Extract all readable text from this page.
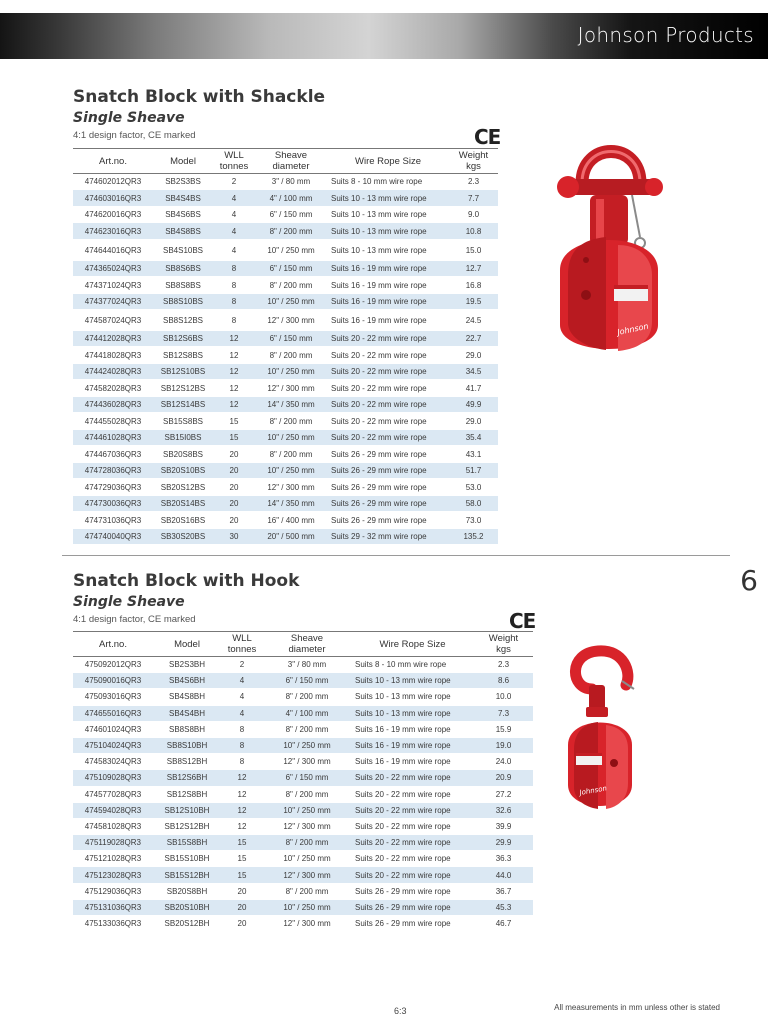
Johnson Products
Snatch Block with Shackle
Single Sheave
4:1 design factor, CE marked	CE
Art.no.	Model	WLL
tonnes	Sheave
diameter	Wire Rope Size	Weight
kgs
474602012QR3	SB2S3BS	2	3" / 80 mm	Suits 8 - 10 mm wire rope	2.3
474603016QR3	SB4S4BS	4	4" / 100 mm	Suits 10 - 13 mm wire rope	7.7
474620016QR3	SB4S6BS	4	6" / 150 mm	Suits 10 - 13 mm wire rope	9.0
474623016QR3	SB4S8BS	4	8" / 200 mm	Suits 10 - 13 mm wire rope	10.8
474644016QR3	SB4S10BS	4	10" / 250 mm	Suits 10 - 13 mm wire rope	15.0
474365024QR3	SB8S6BS	8	6" / 150 mm	Suits 16 - 19 mm wire rope	12.7
474371024QR3	SB8S8BS	8	8" / 200 mm	Suits 16 - 19 mm wire rope	16.8
474377024QR3	SB8S10BS	8	10" / 250 mm	Suits 16 - 19 mm wire rope	19.5
474587024QR3	SB8S12BS	8	12" / 300 mm	Suits 16 - 19 mm wire rope	24.5
474412028QR3	SB12S6BS	12	6" / 150 mm	Suits 20 - 22 mm wire rope	22.7
474418028QR3	SB12S8BS	12	8" / 200 mm	Suits 20 - 22 mm wire rope	29.0
474424028QR3	SB12S10BS	12	10" / 250 mm	Suits 20 - 22 mm wire rope	34.5
474582028QR3	SB12S12BS	12	12" / 300 mm	Suits 20 - 22 mm wire rope	41.7
474436028QR3	SB12S14BS	12	14" / 350 mm	Suits 20 - 22 mm wire rope	49.9
474455028QR3	SB15S8BS	15	8" / 200 mm	Suits 20 - 22 mm wire rope	29.0
474461028QR3	SB15I0BS	15	10" / 250 mm	Suits 20 - 22 mm wire rope	35.4
474467036QR3	SB20S8BS	20	8" / 200 mm	Suits 26 - 29 mm wire rope	43.1
474728036QR3	SB20S10BS	20	10" / 250 mm	Suits 26 - 29 mm wire rope	51.7
474729036QR3	SB20S12BS	20	12" / 300 mm	Suits 26 - 29 mm wire rope	53.0
474730036QR3	SB20S14BS	20	14" / 350 mm	Suits 26 - 29 mm wire rope	58.0
474731036QR3	SB20S16BS	20	16" / 400 mm	Suits 26 - 29 mm wire rope	73.0
474740040QR3	SB30S20BS	30	20" / 500 mm	Suits 29 - 32 mm wire rope	135.2
Johnson
6
Snatch Block with Hook
Single Sheave
4:1 design factor, CE marked	CE
Art.no.	Model	WLL
tonnes	Sheave
diameter	Wire Rope Size	Weight
kgs
475092012QR3	SB2S3BH	2	3" / 80 mm	Suits 8 - 10 mm wire rope	2.3
475090016QR3	SB4S6BH	4	6" / 150 mm	Suits 10 - 13 mm wire rope	8.6
475093016QR3	SB4S8BH	4	8" / 200 mm	Suits 10 - 13 mm wire rope	10.0
474655016QR3	SB4S4BH	4	4" / 100 mm	Suits 10 - 13 mm wire rope	7.3
474601024QR3	SB8S8BH	8	8" / 200 mm	Suits 16 - 19 mm wire rope	15.9
475104024QR3	SB8S10BH	8	10" / 250 mm	Suits 16 - 19 mm wire rope	19.0
474583024QR3	SB8S12BH	8	12" / 300 mm	Suits 16 - 19 mm wire rope	24.0
475109028QR3	SB12S6BH	12	6" / 150 mm	Suits 20 - 22 mm wire rope	20.9
474577028QR3	SB12S8BH	12	8" / 200 mm	Suits 20 - 22 mm wire rope	27.2
474594028QR3	SB12S10BH	12	10" / 250 mm	Suits 20 - 22 mm wire rope	32.6
474581028QR3	SB12S12BH	12	12" / 300 mm	Suits 20 - 22 mm wire rope	39.9
475119028QR3	SB15S8BH	15	8" / 200 mm	Suits 20 - 22 mm wire rope	29.9
475121028QR3	SB15S10BH	15	10" / 250 mm	Suits 20 - 22 mm wire rope	36.3
475123028QR3	SB15S12BH	15	12" / 300 mm	Suits 20 - 22 mm wire rope	44.0
475129036QR3	SB20S8BH	20	8" / 200 mm	Suits 26 - 29 mm wire rope	36.7
475131036QR3	SB20S10BH	20	10" / 250 mm	Suits 26 - 29 mm wire rope	45.3
475133036QR3	SB20S12BH	20	12" / 300 mm	Suits 26 - 29 mm wire rope	46.7
Johnson
6:3	All measurements in mm unless other is stated
